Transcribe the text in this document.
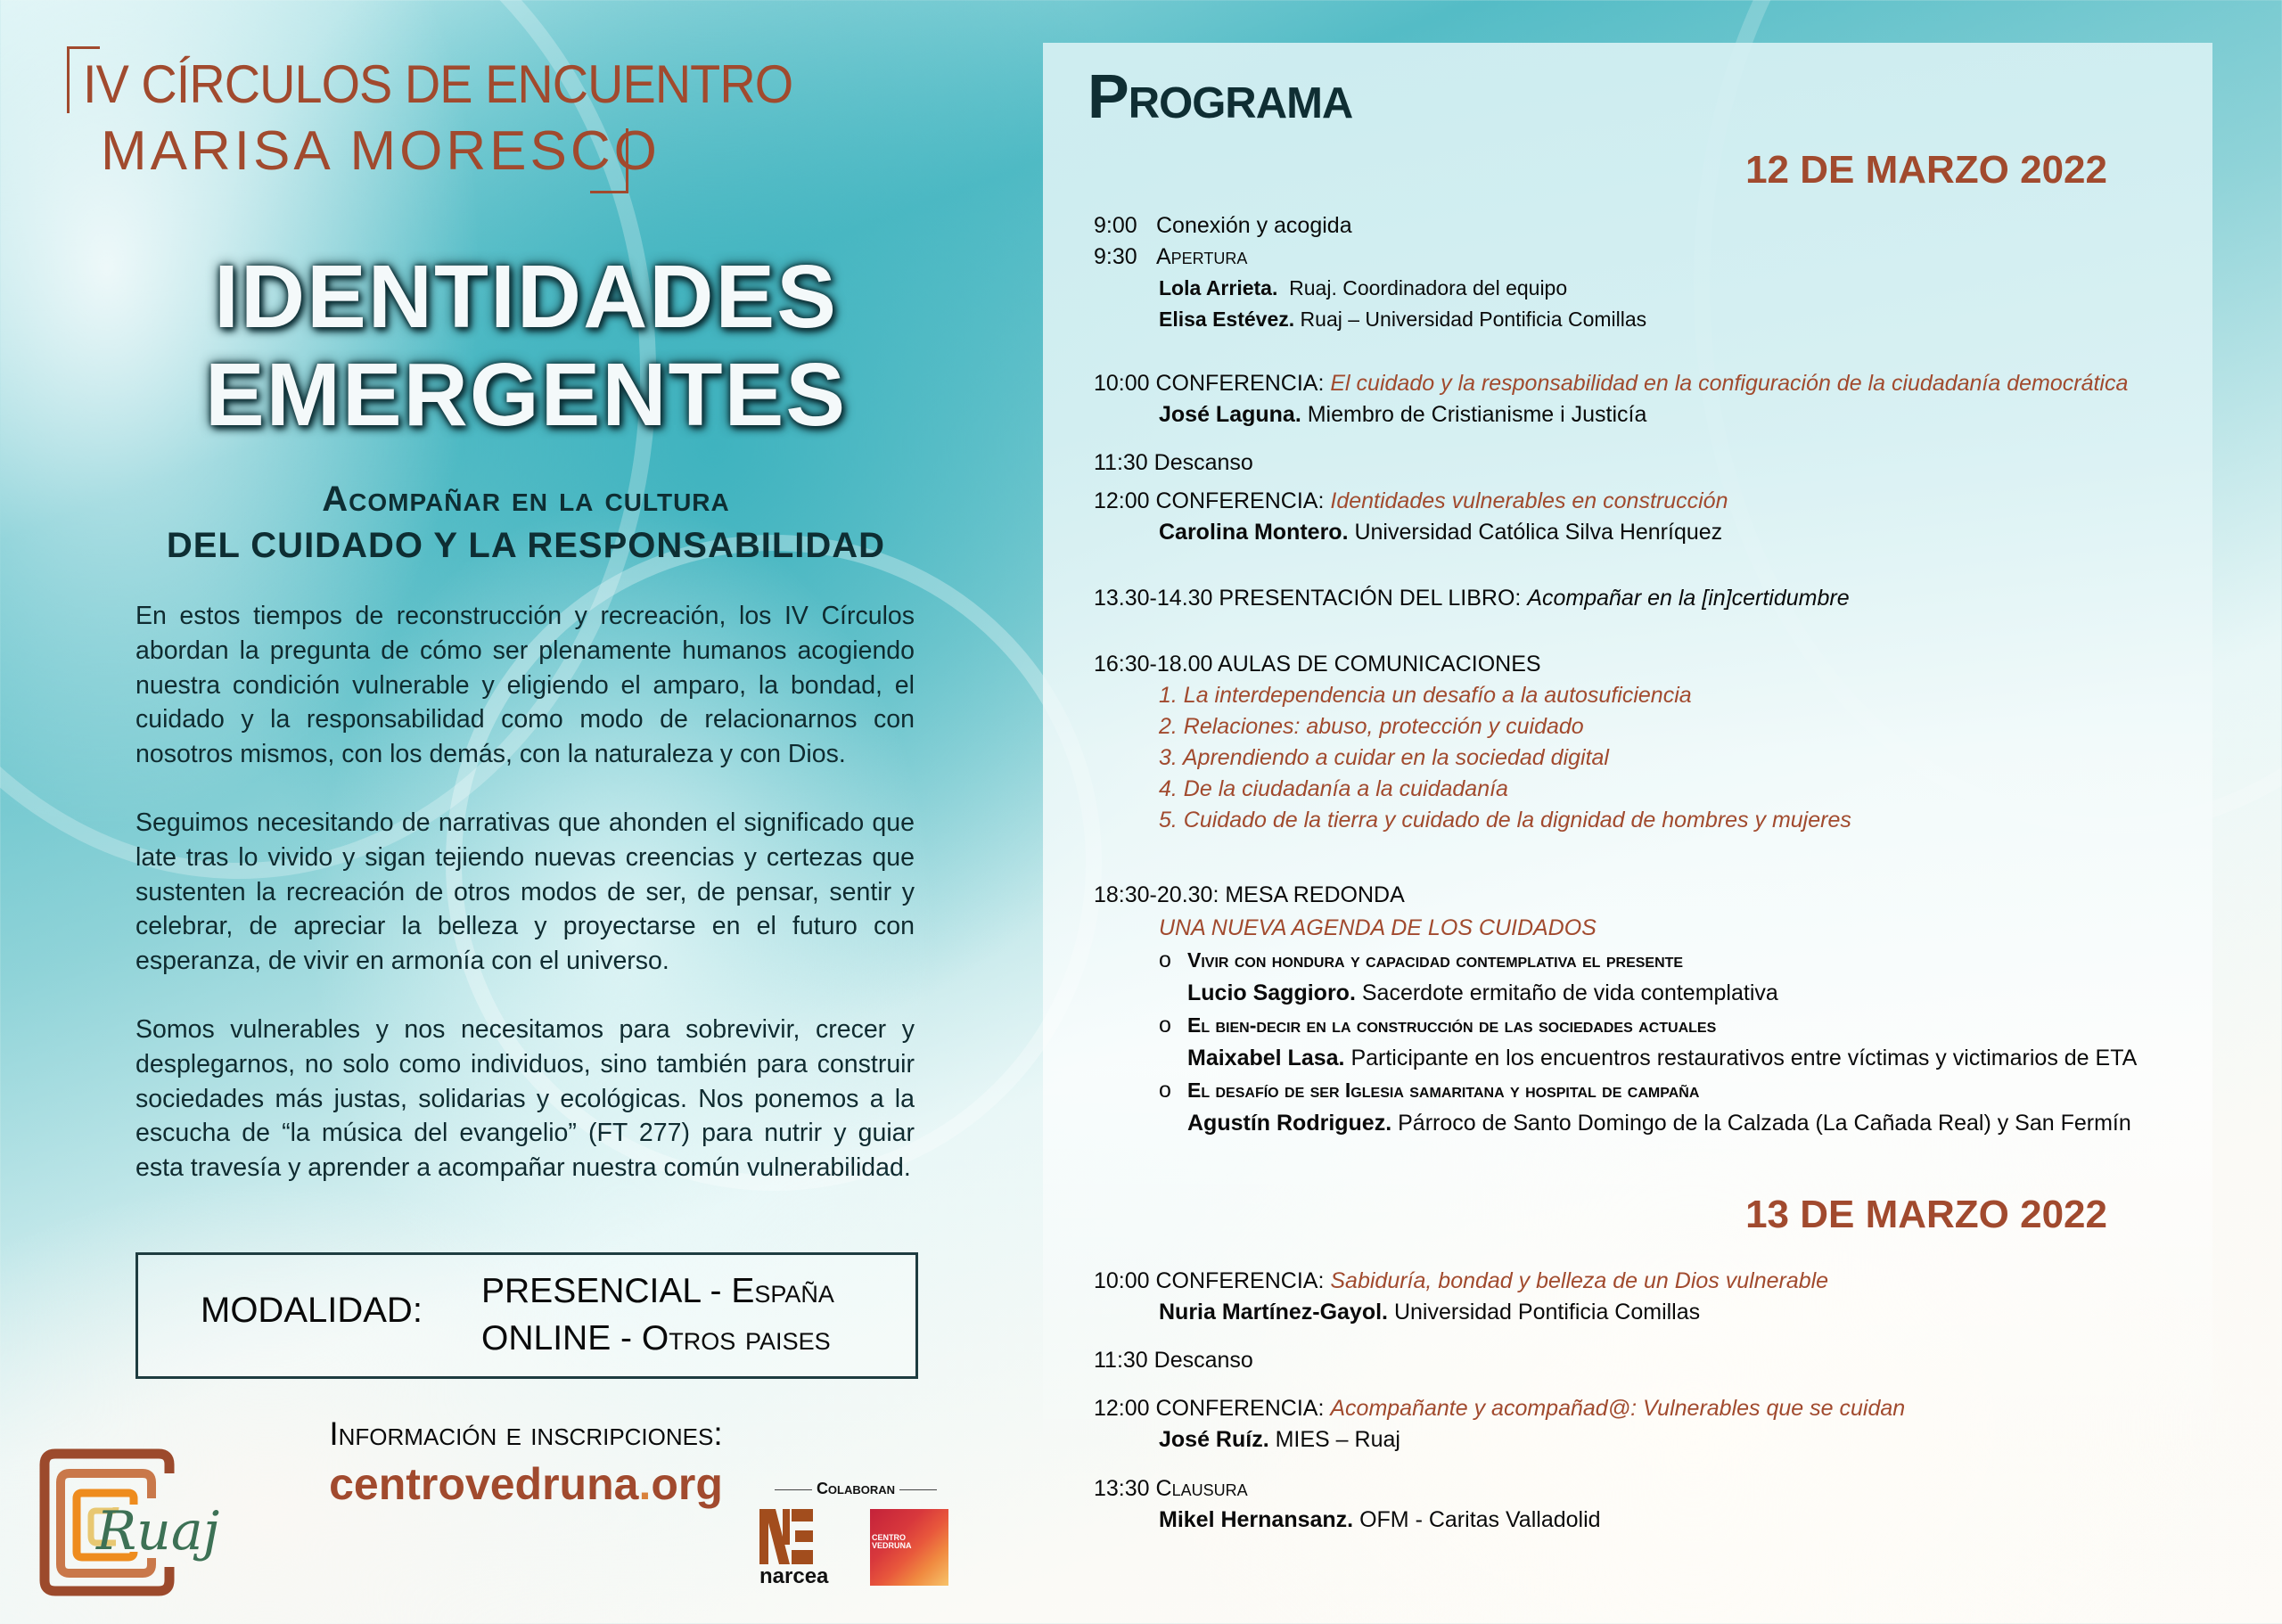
IV CÍRCULOS DE ENCUENTRO
MARISA MORESCO
IDENTIDADES
EMERGENTES
Acompañar en la cultura
DEL CUIDADO Y LA RESPONSABILIDAD

En estos tiempos de reconstrucción y recreación, los IV Círculos abordan la pregunta de cómo ser plenamente humanos acogiendo nuestra condición vulnerable y eligiendo el amparo, la bondad, el cuidado y la responsabilidad como modo de relacionarnos con nosotros mismos, con los demás, con la naturaleza y con Dios.

Seguimos necesitando de narrativas que ahonden el significado que late tras lo vivido y sigan tejiendo nuevas creencias y certezas que sustenten la recreación de otros modos de ser, de pensar, sentir y celebrar, de apreciar la belleza y proyectarse en el futuro con esperanza, de vivir en armonía con el universo.

Somos vulnerables y nos necesitamos para sobrevivir, crecer y desplegarnos, no solo como individuos, sino también para construir sociedades más justas, solidarias y ecológicas. Nos ponemos a la escucha de “la música del evangelio” (FT 277) para nutrir y guiar esta travesía y aprender a acompañar nuestra común vulnerabilidad.

MODALIDAD: PRESENCIAL - España
ONLINE - Otros paises
Información e inscripciones:
centrovedruna.org
Ruaj
Colaboran
narcea
CENTRO
VEDRUNA
Programa
12 DE MARZO 2022
9:00 Conexión y acogida
9:30 Apertura
Lola Arrieta. Ruaj. Coordinadora del equipo
Elisa Estévez. Ruaj – Universidad Pontificia Comillas
10:00 CONFERENCIA: El cuidado y la responsabilidad en la configuración de la ciudadanía democrática
José Laguna. Miembro de Cristianisme i Justicía
11:30 Descanso
12:00 CONFERENCIA: Identidades vulnerables en construcción
Carolina Montero. Universidad Católica Silva Henríquez
13.30-14.30 PRESENTACIÓN DEL LIBRO: Acompañar en la [in]certidumbre
16:30-18.00 AULAS DE COMUNICACIONES
1. La interdependencia un desafío a la autosuficiencia
2. Relaciones: abuso, protección y cuidado
3. Aprendiendo a cuidar en la sociedad digital
4. De la ciudadanía a la cuidadanía
5. Cuidado de la tierra y cuidado de la dignidad de hombres y mujeres
18:30-20.30: MESA REDONDA
UNA NUEVA AGENDA DE LOS CUIDADOS
o Vivir con hondura y capacidad contemplativa el presente
Lucio Saggioro. Sacerdote ermitaño de vida contemplativa
o El bien-decir en la construcción de las sociedades actuales
Maixabel Lasa. Participante en los encuentros restaurativos entre víctimas y victimarios de ETA
o El desafío de ser Iglesia samaritana y hospital de campaña
Agustín Rodriguez. Párroco de Santo Domingo de la Calzada (La Cañada Real) y San Fermín
13 DE MARZO 2022
10:00 CONFERENCIA: Sabiduría, bondad y belleza de un Dios vulnerable
Nuria Martínez-Gayol. Universidad Pontificia Comillas
11:30 Descanso
12:00 CONFERENCIA: Acompañante y acompañad@: Vulnerables que se cuidan
José Ruíz. MIES – Ruaj
13:30 Clausura
Mikel Hernansanz. OFM - Caritas Valladolid
